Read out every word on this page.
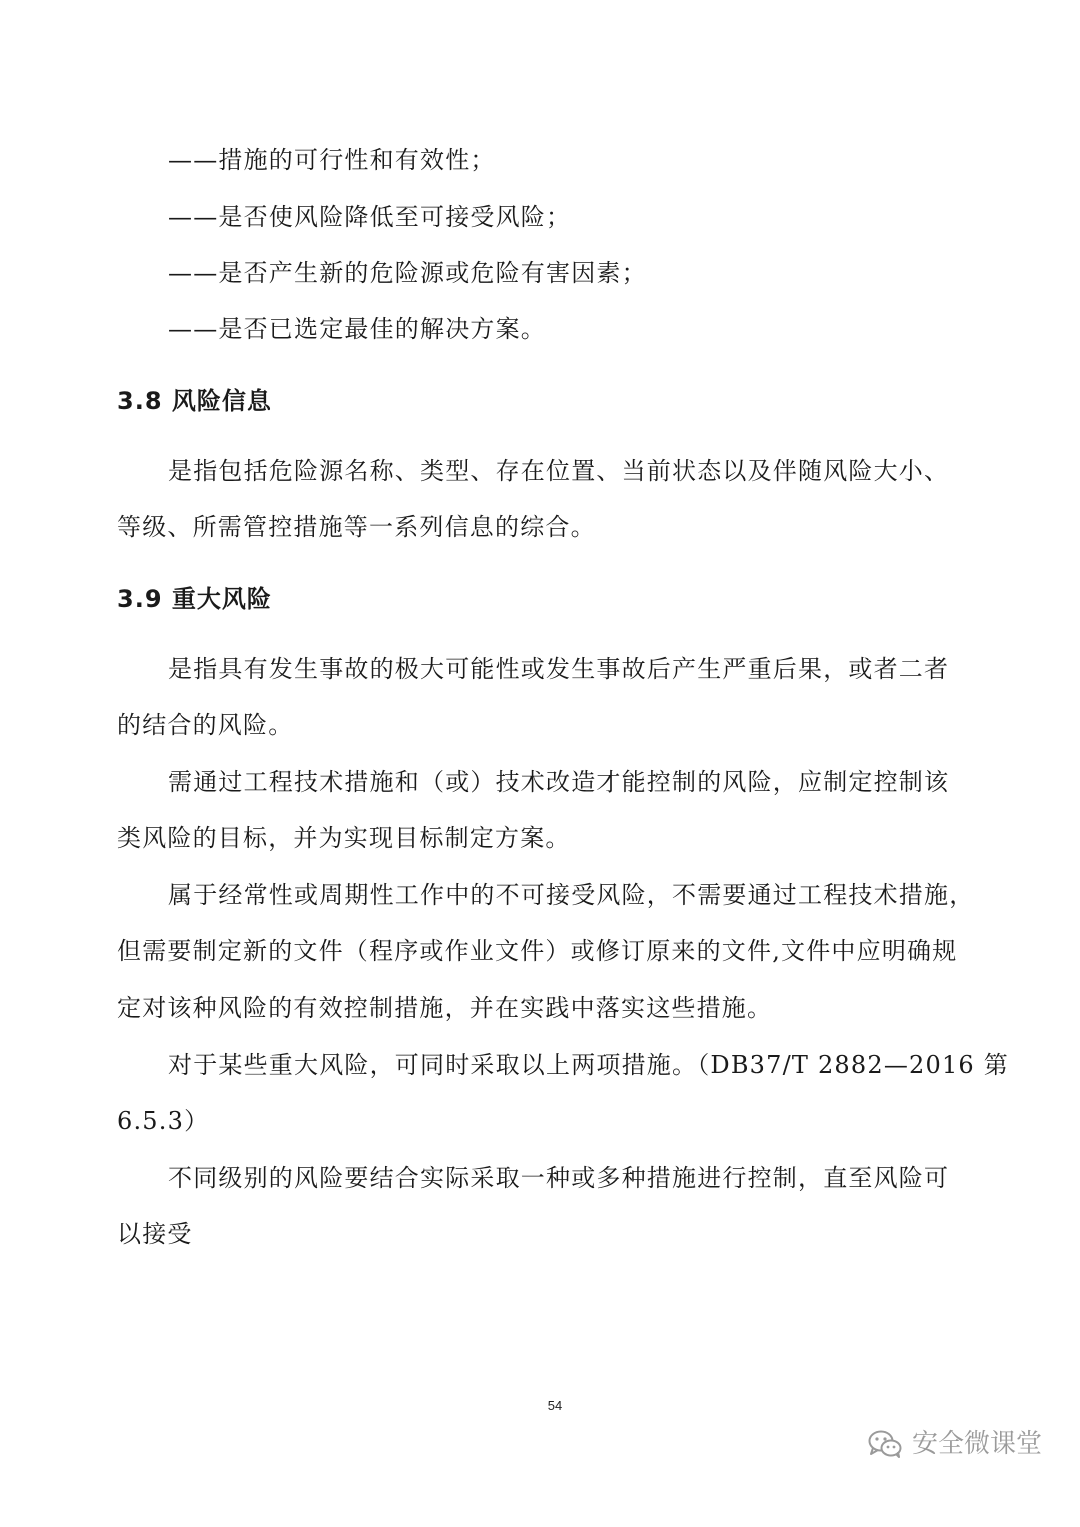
——措施的可行性和有效性；
——是否使风险降低至可接受风险；
——是否产生新的危险源或危险有害因素；
——是否已选定最佳的解决方案。
3.8 风险信息
是指包括危险源名称、类型、存在位置、当前状态以及伴随风险大小、
等级、所需管控措施等一系列信息的综合。
3.9 重大风险
是指具有发生事故的极大可能性或发生事故后产生严重后果，或者二者
的结合的风险。
需通过工程技术措施和（或）技术改造才能控制的风险，应制定控制该
类风险的目标，并为实现目标制定方案。
属于经常性或周期性工作中的不可接受风险，不需要通过工程技术措施，
但需要制定新的文件（程序或作业文件）或修订原来的文件,文件中应明确规
定对该种风险的有效控制措施，并在实践中落实这些措施。
对于某些重大风险，可同时采取以上两项措施。（DB37/T 2882—2016 第
6.5.3）
不同级别的风险要结合实际采取一种或多种措施进行控制，直至风险可
以接受
54
安全微课堂
